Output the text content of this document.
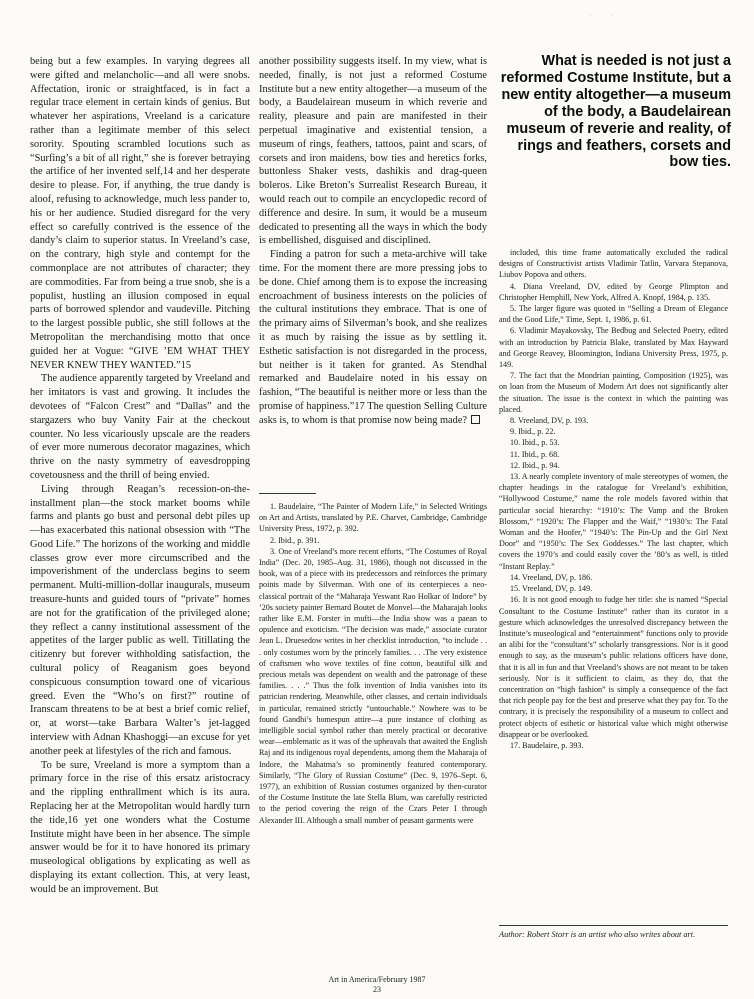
being but a few examples. In varying degrees all were gifted and melancholic—and all were snobs. Affectation, ironic or straightfaced, is in fact a regular trace element in certain kinds of genius. But whatever her aspirations, Vreeland is a caricature rather than a legitimate member of this select sorority. Spouting scrambled locutions such as “Surfing’s a bit of all right,” she is forever betraying the artifice of her invented self,14 and her desperate desire to please. For, if anything, the true dandy is aloof, refusing to acknowledge, much less pander to, his or her audience. Studied disregard for the very effect so carefully contrived is the essence of the dandy’s claim to superior status. In Vreeland’s case, on the contrary, high style and contempt for the commonplace are not attributes of character; they are commodities. Far from being a true snob, she is a populist, hustling an illusion composed in equal parts of borrowed splendor and vaudeville. Pitching to the largest possible public, she still follows at the Metropolitan the merchandising motto that once guided her at Vogue: “GIVE ’EM WHAT THEY NEVER KNEW THEY WANTED.”15

The audience apparently targeted by Vreeland and her imitators is vast and growing. It includes the devotees of “Falcon Crest” and “Dallas” and the stargazers who buy Vanity Fair at the checkout counter. No less vicariously upscale are the readers of ever more numerous decorator magazines, which thrive on the nasty symmetry of eavesdropping covetousness and the thrill of being envied.

Living through Reagan’s recession-on-the-installment plan—the stock market booms while farms and plants go bust and personal debt piles up—has exacerbated this national obsession with “The Good Life.” The horizons of the working and middle classes grow ever more circumscribed and the impoverishment of the underclass begins to seem permanent. Multi-million-dollar inaugurals, museum treasure-hunts and guided tours of “private” homes are not for the gratification of the privileged alone; they reflect a canny institutional assessment of the appetites of the larger public as well. Titillating the citizenry but forever withholding satisfaction, the cultural policy of Reaganism goes beyond conspicuous consumption toward one of vicarious greed. Even the “Who’s on first?” routine of Iranscam threatens to be at best a brief comic relief, or, at worst—take Barbara Walter’s jet-lagged interview with Adnan Khashoggi—an excuse for yet another peek at lifestyles of the rich and famous.

To be sure, Vreeland is more a symptom than a primary force in the rise of this ersatz aristocracy and the rippling enthrallment which is its aura. Replacing her at the Metropolitan would hardly turn the tide,16 yet one wonders what the Costume Institute might have been in her absence. The simple answer would be for it to have honored its primary museological obligations by explicating as well as displaying its extant collection. This, at very least, would be an improvement. But

another possibility suggests itself. In my view, what is needed, finally, is not just a reformed Costume Institute but a new entity altogether—a museum of the body, a Baudelairean museum in which reverie and reality, pleasure and pain are manifested in their perpetual imaginative and existential tension, a museum of rings, feathers, tattoos, paint and scars, of corsets and iron maidens, bow ties and heretics forks, buttonless Shaker vests, dashikis and drag-queen boleros. Like Breton’s Surrealist Research Bureau, it would reach out to compile an encyclopedic record of difference and desire. In sum, it would be a museum dedicated to presenting all the ways in which the body is embellished, disguised and disciplined.

Finding a patron for such a meta-archive will take time. For the moment there are more pressing jobs to be done. Chief among them is to expose the increasing encroachment of business interests on the policies of the cultural institutions they embrace. That is one of the primary aims of Silverman’s book, and she realizes it as much by raising the issue as by settling it. Esthetic satisfaction is not disregarded in the process, but neither is it taken for granted. As Stendhal remarked and Baudelaire noted in his essay on fashion, “The beautiful is neither more or less than the promise of happiness.”17 The question Selling Culture asks is, to whom is that promise now being made?

1. Baudelaire, “The Painter of Modern Life,” in Selected Writings on Art and Artists, translated by P.E. Charvet, Cambridge, Cambridge University Press, 1972, p. 392.

2. Ibid., p. 391.

3. One of Vreeland’s more recent efforts, “The Costumes of Royal India” (Dec. 20, 1985–Aug. 31, 1986), though not discussed in the book, was of a piece with its predecessors and reinforces the primary points made by Silverman. With one of its centerpieces a neo-classical portrait of the “Maharaja Yeswant Rao Holkar of Indore” by ’20s society painter Bernard Boutet de Monvel—the Maharajah looks rather like E.M. Forster in mufti—the India show was a paean to opulence and exoticism. “The decision was made,” associate curator Jean L. Druesedow writes in her checklist introduction, “to include . . . only costumes worn by the princely families. . . .The very existence of craftsmen who wove textiles of fine cotton, beautiful silk and precious metals was dependent on wealth and the patronage of these families. . . .” Thus the folk invention of India vanishes into its patrician rendering. Meanwhile, other classes, and certain individuals in particular, remained strictly “untouchable.” Nowhere was to be found Gandhi’s homespun attire—a pure instance of clothing as intelligible social symbol rather than merely practical or decorative wear—emblematic as it was of the upheavals that awaited the English Raj and its indigenous royal dependents, among them the Maharaja of Indore, the Mahatma’s so prominently featured contemporary. Similarly, “The Glory of Russian Costume” (Dec. 9, 1976–Sept. 6, 1977), an exhibition of Russian costumes organized by then-curator of the Costume Institute the late Stella Blum, was carefully restricted to the period covering the reign of the Czars Peter I through Alexander III. Although a small number of peasant garments were

What is needed is not just a reformed Costume Institute, but a new entity altogether—a museum of the body, a Baudelairean museum of reverie and reality, of rings and feathers, corsets and bow ties.

included, this time frame automatically excluded the radical designs of Constructivist artists Vladimir Tatlin, Varvara Stepanova, Liubov Popova and others.

4. Diana Vreeland, DV, edited by George Plimpton and Christopher Hemphill, New York, Alfred A. Knopf, 1984, p. 135.

5. The larger figure was quoted in “Selling a Dream of Elegance and the Good Life,” Time, Sept. 1, 1986, p. 61.

6. Vladimir Mayakovsky, The Bedbug and Selected Poetry, edited with an introduction by Patricia Blake, translated by Max Hayward and George Reavey, Bloomington, Indiana University Press, 1975, p. 149.

7. The fact that the Mondrian painting, Composition (1925), was on loan from the Museum of Modern Art does not significantly alter the situation. The issue is the context in which the painting was placed.

8. Vreeland, DV, p. 193.

9. Ibid., p. 22.

10. Ibid., p. 53.

11. Ibid., p. 68.

12. Ibid., p. 94.

13. A nearly complete inventory of male stereotypes of women, the chapter headings in the catalogue for Vreeland’s exhibition, “Hollywood Costume,” name the role models favored within that particular social hierarchy: “1910’s: The Vamp and the Broken Blossom,” “1920’s: The Flapper and the Waif,” “1930’s: The Fatal Woman and the Hoofer,” “1940’s: The Pin-Up and the Girl Next Door” and “1950’s: The Sex Goddesses.” The last chapter, which covers the 1970’s and could easily cover the ’80’s as well, is titled “Instant Replay.”

14. Vreeland, DV, p. 186.

15. Vreeland, DV, p. 149.

16. It is not good enough to fudge her title: she is named “Special Consultant to the Costume Institute” rather than its curator in a gesture which acknowledges the unresolved discrepancy between the Institute’s museological and “entertainment” functions only to provide an alibi for the “consultant’s” scholarly transgressions. Nor is it good enough to say, as the museum’s public relations officers have done, that it is all in fun and that Vreeland’s shows are not meant to be taken seriously. Nor is it sufficient to claim, as they do, that the concentration on “high fashion” is simply a consequence of the fact that rich people pay for the best and preserve what they pay for. To the contrary, it is precisely the responsibility of a museum to collect and protect objects of esthetic or historical value which might otherwise disappear or be overlooked.

17. Baudelaire, p. 393.

Author: Robert Storr is an artist who also writes about art.

Art in America/February 1987
23
· ·
